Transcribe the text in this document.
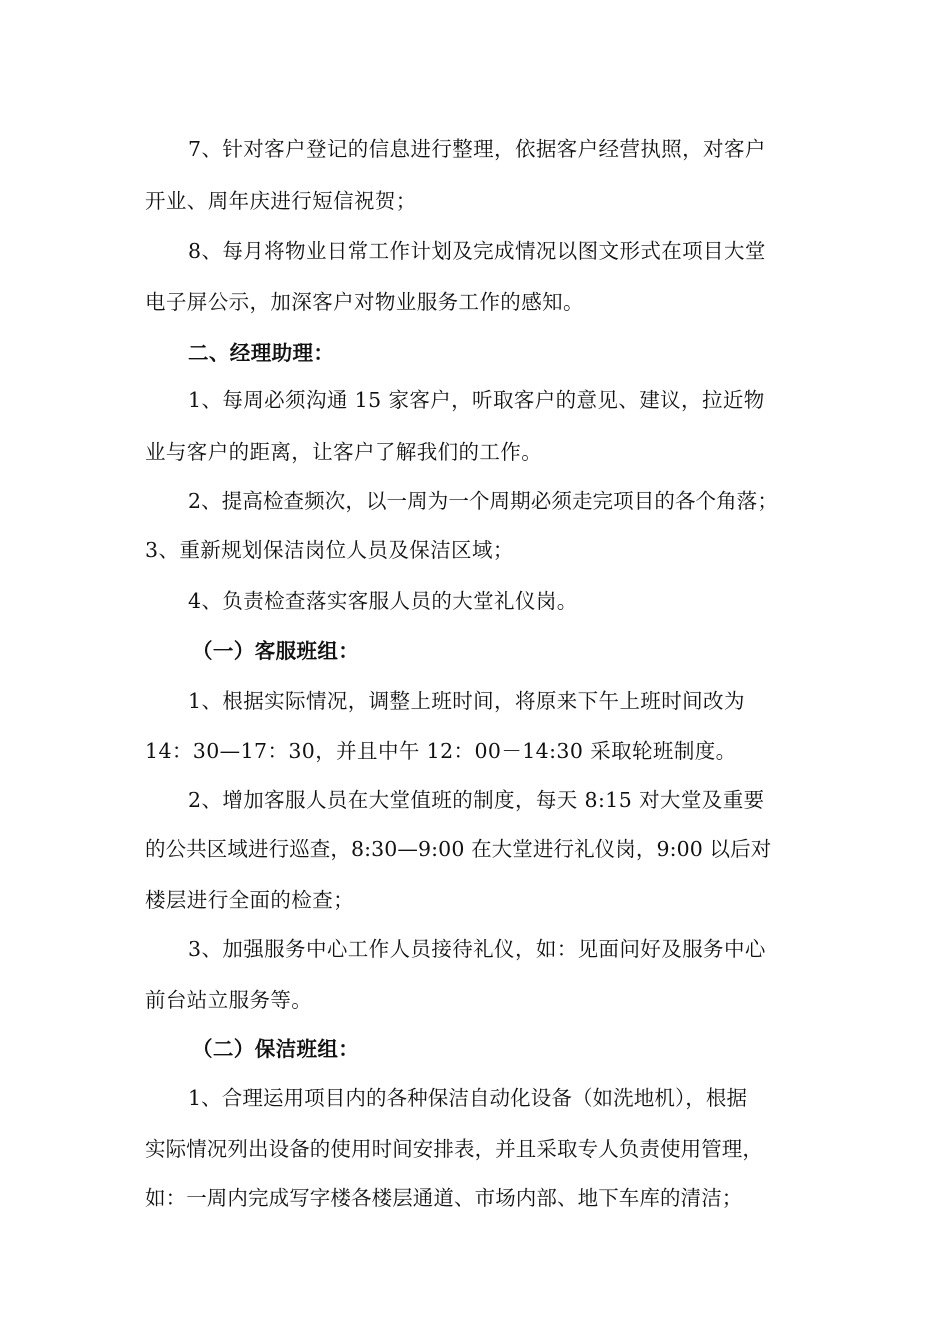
7、针对客户登记的信息进行整理，依据客户经营执照，对客户
开业、周年庆进行短信祝贺；
8、每月将物业日常工作计划及完成情况以图文形式在项目大堂
电子屏公示，加深客户对物业服务工作的感知。
二、经理助理：
1、每周必须沟通 15 家客户，听取客户的意见、建议，拉近物
业与客户的距离，让客户了解我们的工作。
2、提高检查频次，以一周为一个周期必须走完项目的各个角落；
3、重新规划保洁岗位人员及保洁区域；
4、负责检查落实客服人员的大堂礼仪岗。
（一）客服班组：
1、根据实际情况，调整上班时间，将原来下午上班时间改为
14：30—17：30，并且中午 12：00－14:30 采取轮班制度。
2、增加客服人员在大堂值班的制度，每天 8:15 对大堂及重要
的公共区域进行巡查，8:30—9:00 在大堂进行礼仪岗，9:00 以后对
楼层进行全面的检查；
3、加强服务中心工作人员接待礼仪，如：见面问好及服务中心
前台站立服务等。
（二）保洁班组：
1、合理运用项目内的各种保洁自动化设备（如洗地机），根据
实际情况列出设备的使用时间安排表，并且采取专人负责使用管理，
如：一周内完成写字楼各楼层通道、市场内部、地下车库的清洁；
